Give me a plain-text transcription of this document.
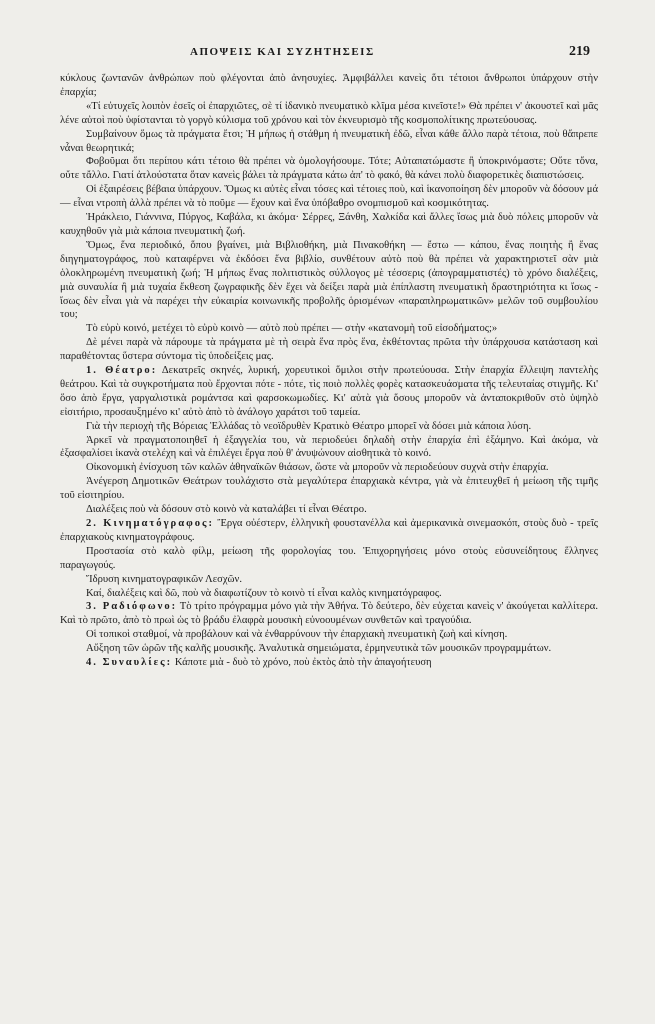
ΑΠΟΨΕΙΣ ΚΑΙ ΣΥΖΗΤΗΣΕΙΣ	219

κύκλους ζωντανῶν ἀνθρώπων ποὺ φλέγονται ἀπὸ ἀνησυχίες. Ἀμφιβάλλει κανεὶς ὅτι τέτοιοι ἄνθρωποι ὑπάρχουν στὴν ἐπαρχία;

«Τί εὐτυχεῖς λοιπὸν ἐσεῖς οἱ ἐπαρχιῶτες, σὲ τί ἰδανικὸ πνευματικὸ κλῖμα μέσα κινεῖστε!» Θὰ πρέπει ν' ἀκουστεῖ καὶ μᾶς λένε αὐτοὶ ποὺ ὑφίστανται τὸ γοργὸ κύλισμα τοῦ χρόνου καὶ τὸν ἐκνευρισμὸ τῆς κοσμοπολίτικης πρωτεύουσας.

Συμβαίνουν ὅμως τὰ πράγματα ἔτσι; Ἡ μήπως ἡ στάθμη ἡ πνευματικὴ ἐδῶ, εἶναι κάθε ἄλλο παρὰ τέτοια, ποὺ θἄπρεπε νἆναι θεωρητικά;

Φοβοῦμαι ὅτι περίπου κάτι τέτοιο θὰ πρέπει νὰ ὁμολογήσουμε. Τότε; Αὐταπατώμαστε ἢ ὑποκρινόμαστε; Οὔτε τὄνα, οὔτε τἄλλο. Γιατί ἀτλούστατα ὅταν κανεὶς βάλει τὰ πράγματα κάτω ἀπ' τὸ φακό, θὰ κάνει πολὺ διαφορετικὲς διαπιστώσεις.

Οἱ ἐξαιρέσεις βέβαια ὑπάρχουν. Ὅμως κι αὐτὲς εἶναι τόσες καὶ τέτοιες ποὺ, καὶ ἱκανοποίηση δὲν μποροῦν νὰ δόσουν μά — εἶναι ντροπὴ ἀλλὰ πρέπει νὰ τὸ ποῦμε — ἔχουν καὶ ἕνα ὑπόβαθρο σνομπισμοῦ καὶ κοσμικότητας.

Ἡράκλειο, Γιάννινα, Πύργος, Καβάλα, κι ἀκόμα· Σέρρες, Ξάνθη, Χαλκίδα καὶ ἄλλες ἴσως μιὰ δυὸ πόλεις μποροῦν νὰ καυχηθοῦν γιὰ μιὰ κάποια πνευματικὴ ζωή.

Ὅμως, ἕνα περιοδικό, ὅπου βγαίνει, μιὰ Βιβλιοθήκη, μιὰ Πινακοθήκη — ἔστω — κάπου, ἕνας ποιητὴς ἢ ἕνας διηγηματογράφος, ποὺ καταφέρνει νὰ ἐκδόσει ἕνα βιβλίο, συνθέτουν αὐτὸ ποὺ θὰ πρέπει νὰ χαρακτηριστεῖ σὰν μιὰ ὁλοκληρωμένη πνευματικὴ ζωή; Ἡ μήπως ἕνας πολιτιστικὸς σύλλογος μὲ τέσσερις (ἀπογραμματιστές) τὸ χρόνο διαλέξεις, μιὰ συναυλία ἢ μιὰ τυχαία ἔκθεση ζωγραφικῆς δὲν ἔχει νὰ δείξει παρὰ μιὰ ἐπίπλαστη πνευματικὴ δραστηριότητα κι ἴσως - ἴσως δὲν εἶναι γιὰ νὰ παρέχει τὴν εὐκαιρία κοινωνικῆς προβολῆς ὁρισμένων «παραπληρωματικῶν» μελῶν τοῦ συμβουλίου του;

Τὸ εὐρὺ κοινό, μετέχει τὸ εὐρὺ κοινὸ — αὐτὸ ποὺ πρέπει — στὴν «κατανομὴ τοῦ εἰσοδήματος;»

Δὲ μένει παρὰ νὰ πάρουμε τὰ πράγματα μὲ τὴ σειρὰ ἕνα πρὸς ἕνα, ἐκθέτοντας πρῶτα τὴν ὑπάρχουσα κατάσταση καὶ παραθέτοντας ὕστερα σύντομα τὶς ὑποδείξεις μας.

1. Θέατρο: Δεκατρεῖς σκηνές, λυρική, χορευτικοὶ ὅμιλοι στὴν πρωτεύουσα. Στὴν ἐπαρχία ἔλλειψη παντελὴς θεάτρου. Καὶ τὰ συγκροτήματα ποὺ ἔρχονται πότε - πότε, τὶς ποιὸ πολλὲς φορὲς κατασκευάσματα τῆς τελευταίας στιγμῆς. Κι' ὅσο ἀπὸ ἔργα, γαργαλιστικὰ ρομάντσα καὶ φαρσοκωμωδίες. Κι' αὐτὰ γιὰ ὅσους μποροῦν νὰ ἀνταποκριθοῦν στὸ ὑψηλὸ εἰσιτήριο, προσαυξημένο κι' αὐτὸ ἀπὸ τὸ ἀνάλογο χαράτσι τοῦ ταμεία.

Γιὰ τὴν περιοχὴ τῆς Βόρειας Ἑλλάδας τὸ νεοϊδρυθὲν Κρατικὸ Θέατρο μπορεῖ νὰ δόσει μιὰ κάποια λύση.

Ἀρκεῖ νὰ πραγματοποιηθεῖ ἡ ἐξαγγελία του, νὰ περιοδεύει δηλαδὴ στὴν ἐπαρχία ἐπὶ ἑξάμηνο. Καὶ ἀκόμα, νὰ ἐξασφαλίσει ἱκανὰ στελέχη καὶ νὰ ἐπιλέγει ἔργα ποὺ θ' ἀνυψώνουν αἰσθητικὰ τὸ κοινό.

Οἰκονομικὴ ἐνίσχυση τῶν καλῶν ἀθηναϊκῶν θιάσων, ὥστε νὰ μποροῦν νὰ περιοδεύουν συχνὰ στὴν ἐπαρχία.

Ἀνέγερση Δημοτικῶν Θεάτρων τουλάχιστο στὰ μεγαλύτερα ἐπαρχιακὰ κέντρα, γιὰ νὰ ἐπιτευχθεῖ ἡ μείωση τῆς τιμῆς τοῦ εἰσιτηρίου.

Διαλέξεις ποὺ νὰ δόσουν στὸ κοινὸ νὰ καταλάβει τί εἶναι Θέατρο.

2. Κινηματόγραφος: Ἔργα οὐέστερν, ἑλληνικὴ φουστανέλλα καὶ ἀμερικανικὰ σινεμασκόπ, στοὺς δυὸ - τρεῖς ἐπαρχιακοὺς κινηματογράφους.

Προστασία στὸ καλὸ φίλμ, μείωση τῆς φορολογίας του. Ἐπιχορηγήσεις μόνο στοὺς εὐσυνείδητους ἕλληνες παραγωγούς.

Ἵδρυση κινηματογραφικῶν Λεσχῶν.

Καί, διαλέξεις καὶ δῶ, ποὺ νὰ διαφωτίζουν τὸ κοινὸ τί εἶναι καλὸς κινηματόγραφος.

3. Ραδιόφωνο: Τὸ τρίτο πρόγραμμα μόνο γιὰ τὴν Ἀθήνα. Τὸ δεύτερο, δὲν εὐχεται κανεὶς ν' ἀκούγεται καλλίτερα. Καὶ τὸ πρῶτο, ἀπὸ τὸ πρωὶ ὡς τὸ βράδυ ἐλαφρὰ μουσικὴ εὐνοουμένων συνθετῶν καὶ τραγούδια.

Οἱ τοπικοὶ σταθμοί, νὰ προβάλουν καὶ νὰ ἐνθαρρύνουν τὴν ἐπαρχιακὴ πνευματικὴ ζωὴ καὶ κίνηση.

Αὔξηση τῶν ὡρῶν τῆς καλῆς μουσικῆς. Ἀναλυτικὰ σημειώματα, ἑρμηνευτικὰ τῶν μουσικῶν προγραμμάτων.

4. Συναυλίες: Κάποτε μιὰ - δυὸ τὸ χρόνο, ποὺ ἐκτὸς ἀπὸ τὴν ἀπαγοήτευση
